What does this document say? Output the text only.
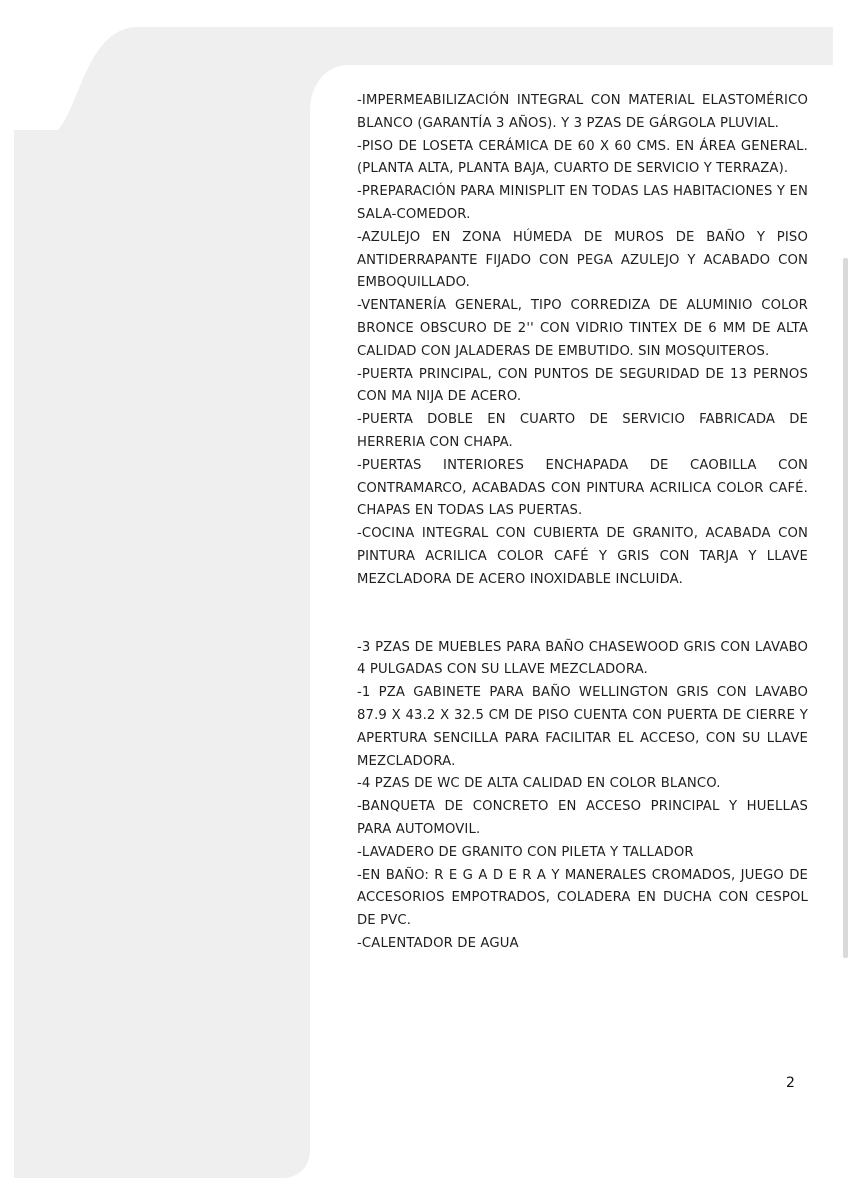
-IMPERMEABILIZACIÓN INTEGRAL CON MATERIAL ELASTOMÉRICO BLANCO (GARANTÍA 3 AÑOS). Y 3 PZAS DE GÁRGOLA PLUVIAL.

-PISO DE LOSETA CERÁMICA DE 60 X 60 CMS. EN ÁREA GENERAL. (PLANTA ALTA, PLANTA BAJA, CUARTO DE SERVICIO Y TERRAZA).

-PREPARACIÓN PARA MINISPLIT EN TODAS LAS HABITACIONES Y EN SALA-COMEDOR.

-AZULEJO EN ZONA HÚMEDA DE MUROS DE BAÑO Y PISO ANTIDERRAPANTE FIJADO CON PEGA AZULEJO Y ACABADO CON EMBOQUILLADO.

-VENTANERÍA GENERAL, TIPO CORREDIZA DE ALUMINIO COLOR BRONCE OBSCURO DE 2'' CON VIDRIO TINTEX DE 6 MM DE ALTA CALIDAD CON JALADERAS DE EMBUTIDO. SIN MOSQUITEROS.

-PUERTA PRINCIPAL, CON PUNTOS DE SEGURIDAD DE 13 PERNOS CON MA NIJA DE ACERO.

-PUERTA DOBLE EN CUARTO DE SERVICIO FABRICADA DE HERRERIA CON CHAPA.

-PUERTAS INTERIORES ENCHAPADA DE CAOBILLA CON CONTRAMARCO, ACABADAS CON PINTURA ACRILICA COLOR CAFÉ. CHAPAS EN TODAS LAS PUERTAS.

-COCINA INTEGRAL CON CUBIERTA DE GRANITO, ACABADA CON PINTURA ACRILICA COLOR CAFÉ Y GRIS CON TARJA Y LLAVE MEZCLADORA DE ACERO INOXIDABLE INCLUIDA.

-3 PZAS DE MUEBLES PARA BAÑO CHASEWOOD GRIS CON LAVABO 4 PULGADAS CON SU LLAVE MEZCLADORA.

-1 PZA GABINETE PARA BAÑO WELLINGTON GRIS CON LAVABO 87.9 X 43.2 X 32.5 CM DE PISO CUENTA CON PUERTA DE CIERRE Y APERTURA SENCILLA PARA FACILITAR EL ACCESO, CON SU LLAVE MEZCLADORA.

-4 PZAS DE WC DE ALTA CALIDAD EN COLOR BLANCO.

-BANQUETA DE CONCRETO EN ACCESO PRINCIPAL Y HUELLAS PARA AUTOMOVIL.

-LAVADERO DE GRANITO CON PILETA Y TALLADOR

-EN BAÑO: R E G A D E R A Y MANERALES CROMADOS, JUEGO DE ACCESORIOS EMPOTRADOS, COLADERA EN DUCHA CON CESPOL DE PVC.

-CALENTADOR DE AGUA

2
